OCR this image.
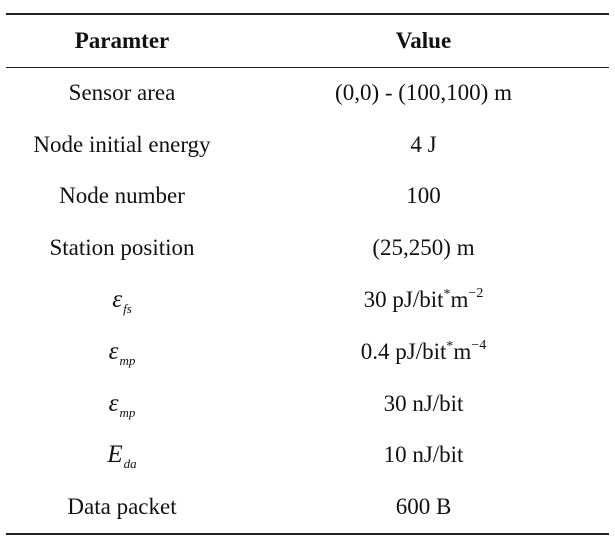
Paramter	Value
Sensor area	(0,0) - (100,100) m
Node initial energy	4 J
Node number	100
Station position	(25,250) m
$\varepsilon_{fs}$	30 $pJ/bit^*m^{-2}$
$\varepsilon_{mp}$	0.4 $pJ/bit^*m^{-4}$
$\varepsilon_{mp}$	30 nJ/bit
$E_{da}$	10 nJ/bit
Data packet	600 B
